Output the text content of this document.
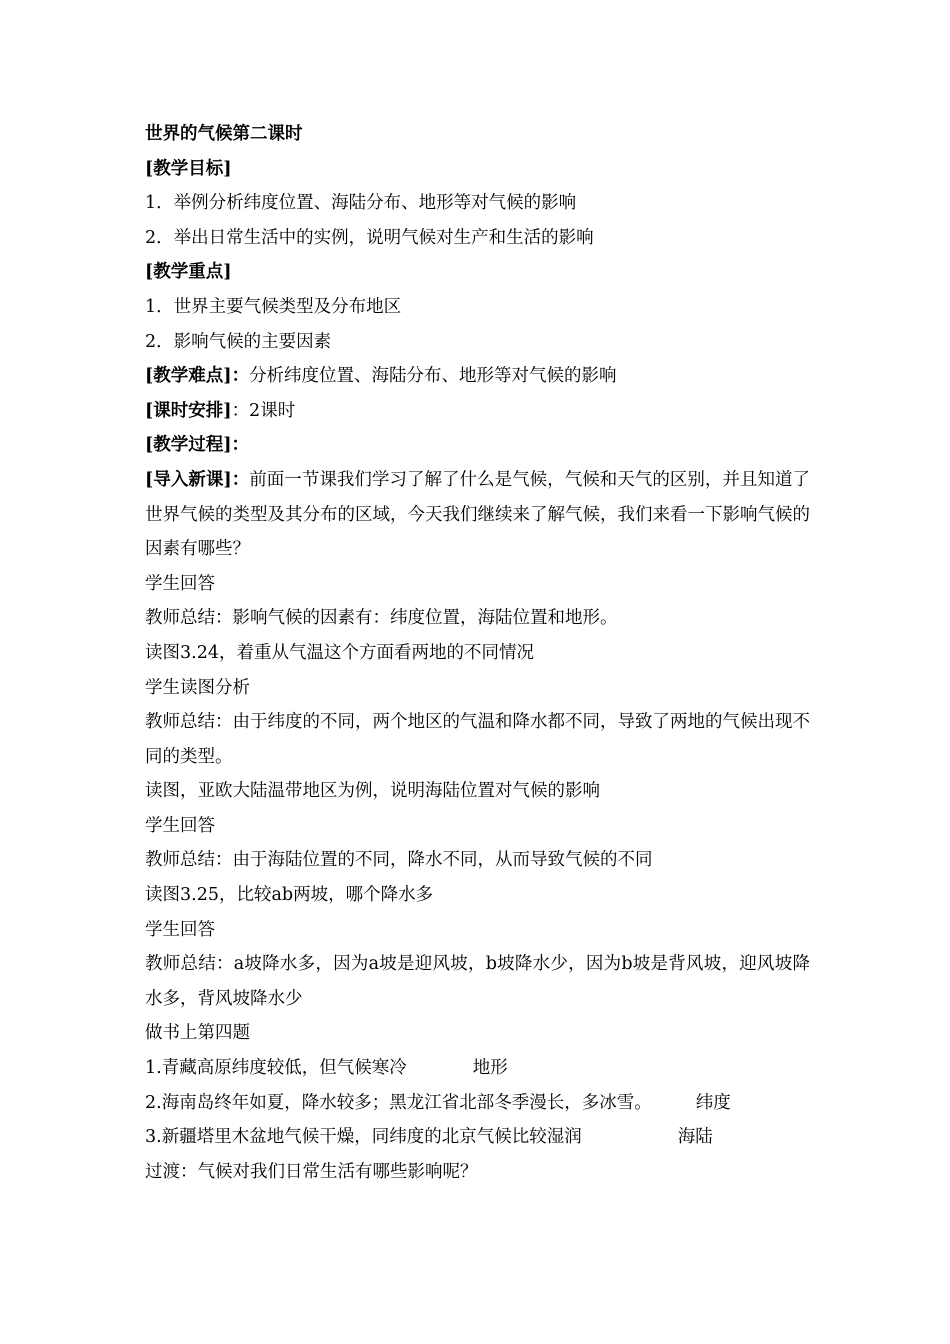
世界的气候第二课时
[教学目标]
1．举例分析纬度位置、海陆分布、地形等对气候的影响
2．举出日常生活中的实例，说明气候对生产和生活的影响
[教学重点]
1．世界主要气候类型及分布地区
2．影响气候的主要因素
[教学难点]：分析纬度位置、海陆分布、地形等对气候的影响
[课时安排]：2课时
[教学过程]：
[导入新课]：前面一节课我们学习了解了什么是气候，气候和天气的区别，并且知道了世界气候的类型及其分布的区域，今天我们继续来了解气候，我们来看一下影响气候的因素有哪些？
学生回答
教师总结：影响气候的因素有：纬度位置，海陆位置和地形。
读图3.24，着重从气温这个方面看两地的不同情况
学生读图分析
教师总结：由于纬度的不同，两个地区的气温和降水都不同，导致了两地的气候出现不同的类型。
读图，亚欧大陆温带地区为例，说明海陆位置对气候的影响
学生回答
教师总结：由于海陆位置的不同，降水不同，从而导致气候的不同
读图3.25，比较ab两坡，哪个降水多
学生回答
教师总结：a坡降水多，因为a坡是迎风坡，b坡降水少，因为b坡是背风坡，迎风坡降水多，背风坡降水少
做书上第四题
1.青藏高原纬度较低，但气候寒冷	地形
2.海南岛终年如夏，降水较多；黑龙江省北部冬季漫长，多冰雪。	纬度
3.新疆塔里木盆地气候干燥，同纬度的北京气候比较湿润	海陆
过渡：气候对我们日常生活有哪些影响呢？
